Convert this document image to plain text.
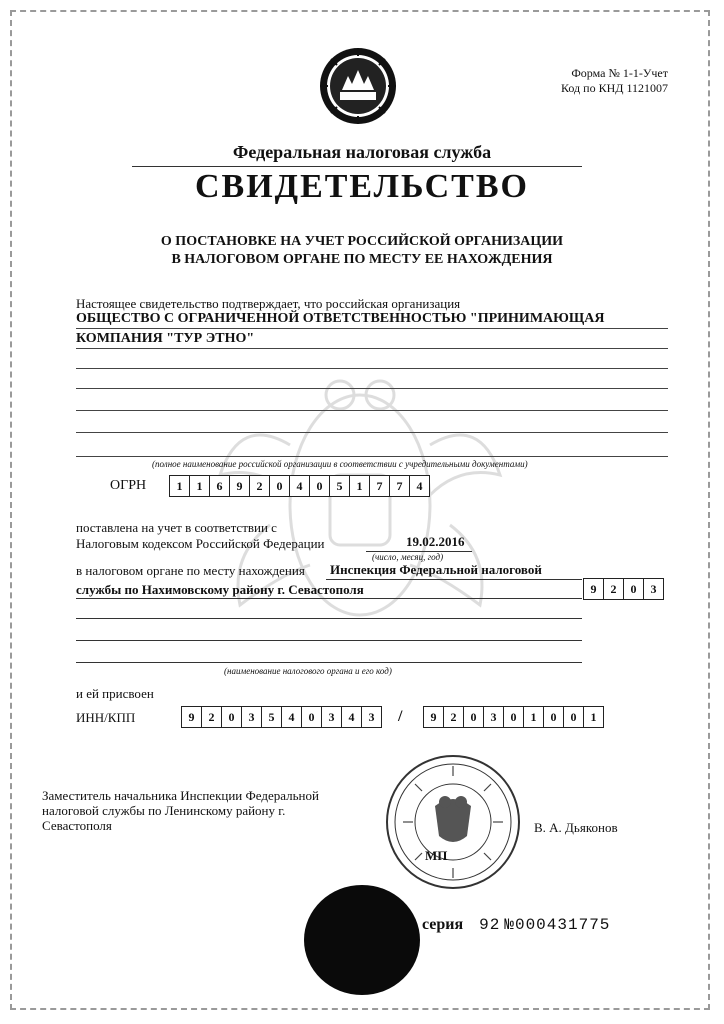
Форма № 1-1-Учет
Код по КНД 1121007
Федеральная налоговая служба
СВИДЕТЕЛЬСТВО
О ПОСТАНОВКЕ НА УЧЕТ РОССИЙСКОЙ ОРГАНИЗАЦИИ
В НАЛОГОВОМ ОРГАНЕ ПО МЕСТУ ЕЕ НАХОЖДЕНИЯ
Настоящее свидетельство подтверждает, что российская организация
ОБЩЕСТВО С ОГРАНИЧЕННОЙ ОТВЕТСТВЕННОСТЬЮ "ПРИНИМАЮЩАЯ
КОМПАНИЯ "ТУР ЭТНО"
(полное наименование российской организации в соответствии с учредительными документами)
ОГРН	1	1	6	9	2	0	4	0	5	1	7	7	4
поставлена на учет в соответствии с
Налоговым кодексом Российской Федерации	19.02.2016
(число, месяц, год)
в налоговом органе по месту нахождения Инспекция Федеральной налоговой
службы по Нахимовскому району г. Севастополя	9	2	0	3
(наименование налогового органа и его код)
и ей присвоен
ИНН/КПП	9	2	0	3	5	4	0	3	4	3	/	9	2	0	3	0	1	0	0	1
Заместитель начальника Инспекции Федеральной
налоговой службы по Ленинскому району г.
Севастополя	В. А. Дьяконов
МП
серия 92 №000431775
